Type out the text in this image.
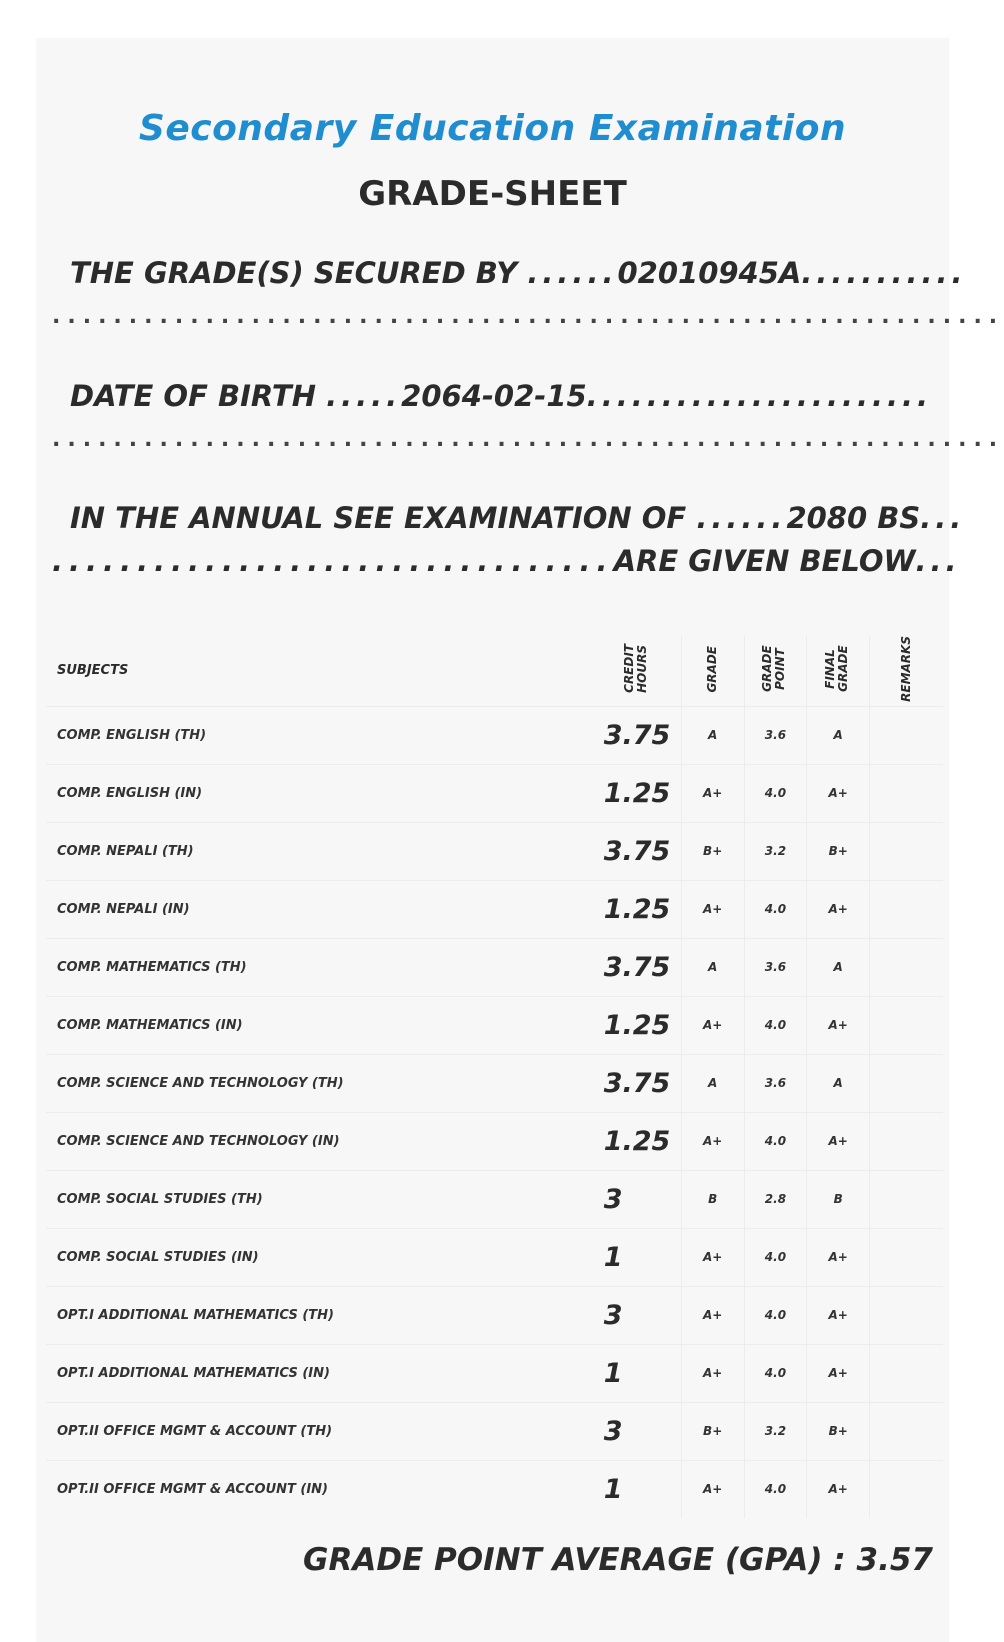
Secondary Education Examination
GRADE-SHEET
THE GRADE(S) SECURED BY ......02010945A...........
..............................................................
DATE OF BIRTH .....2064-02-15.......................
..............................................................
IN THE ANNUAL SEE EXAMINATION OF ......2080 BS...
.................................ARE GIVEN BELOW...
SUBJECTS	CREDIT HOURS	GRADE	GRADE POINT	FINAL GRADE	REMARKS
COMP. ENGLISH (TH)	3.75	A	3.6	A	
COMP. ENGLISH (IN)	1.25	A+	4.0	A+	
COMP. NEPALI (TH)	3.75	B+	3.2	B+	
COMP. NEPALI (IN)	1.25	A+	4.0	A+	
COMP. MATHEMATICS (TH)	3.75	A	3.6	A	
COMP. MATHEMATICS (IN)	1.25	A+	4.0	A+	
COMP. SCIENCE AND TECHNOLOGY (TH)	3.75	A	3.6	A	
COMP. SCIENCE AND TECHNOLOGY (IN)	1.25	A+	4.0	A+	
COMP. SOCIAL STUDIES (TH)	3	B	2.8	B	
COMP. SOCIAL STUDIES (IN)	1	A+	4.0	A+	
OPT.I ADDITIONAL MATHEMATICS (TH)	3	A+	4.0	A+	
OPT.I ADDITIONAL MATHEMATICS (IN)	1	A+	4.0	A+	
OPT.II OFFICE MGMT & ACCOUNT (TH)	3	B+	3.2	B+	
OPT.II OFFICE MGMT & ACCOUNT (IN)	1	A+	4.0	A+	
GRADE POINT AVERAGE (GPA) : 3.57
